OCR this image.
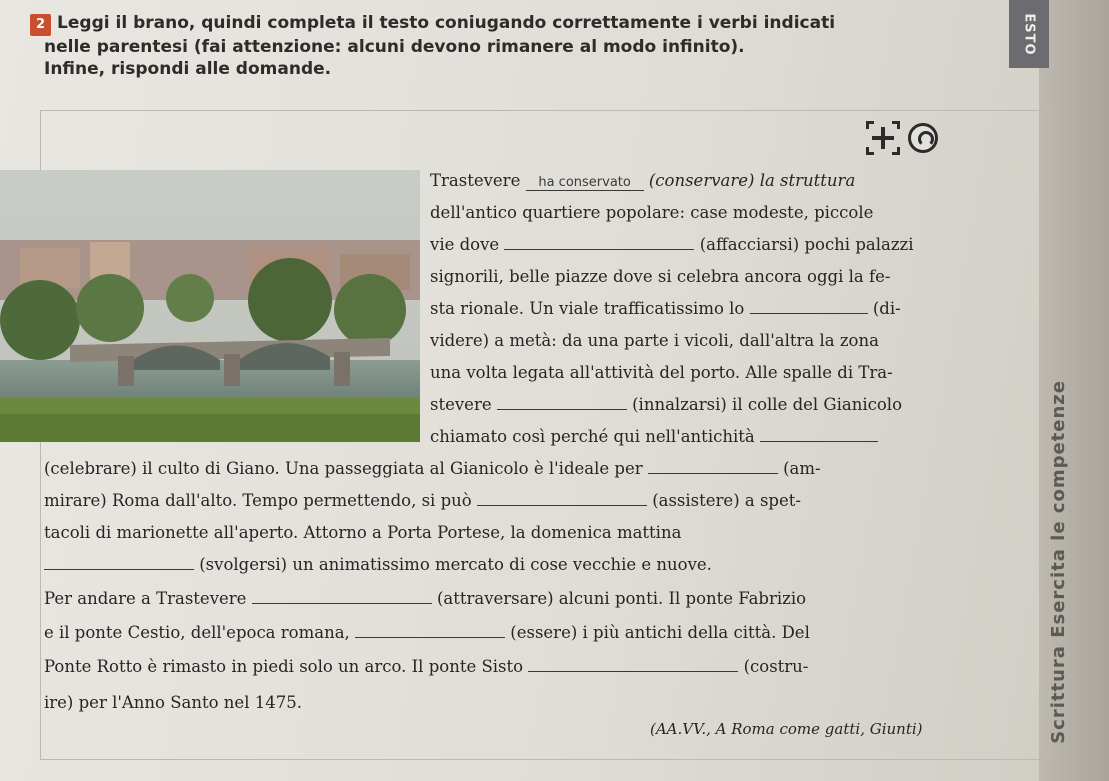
ESTO
Scrittura Esercita le competenze
2 Leggi il brano, quindi completa il testo coniugando correttamente i verbi indicati
nelle parentesi (fai attenzione: alcuni devono rimanere al modo infinito).
Infine, rispondi alle domande.
Trastevere ha conservato (conservare) la struttura
dell'antico quartiere popolare: case modeste, piccole
vie dove	(affacciarsi) pochi palazzi
signorili, belle piazze dove si celebra ancora oggi la fe-
sta rionale. Un viale trafficatissimo lo	(di-
videre) a metà: da una parte i vicoli, dall'altra la zona
una volta legata all'attività del porto. Alle spalle di Tra-
stevere	(innalzarsi) il colle del Gianicolo
chiamato così perché qui nell'antichità
(celebrare) il culto di Giano. Una passeggiata al Gianicolo è l'ideale per	(am-
mirare) Roma dall'alto. Tempo permettendo, si può	(assistere) a spet-
tacoli di marionette all'aperto. Attorno a Porta Portese, la domenica mattina
(svolgersi) un animatissimo mercato di cose vecchie e nuove.
Per andare a Trastevere	(attraversare) alcuni ponti. Il ponte Fabrizio
e il ponte Cestio, dell'epoca romana,	(essere) i più antichi della città. Del
Ponte Rotto è rimasto in piedi solo un arco. Il ponte Sisto	(costru-
ire) per l'Anno Santo nel 1475.
(AA.VV., A Roma come gatti, Giunti)
